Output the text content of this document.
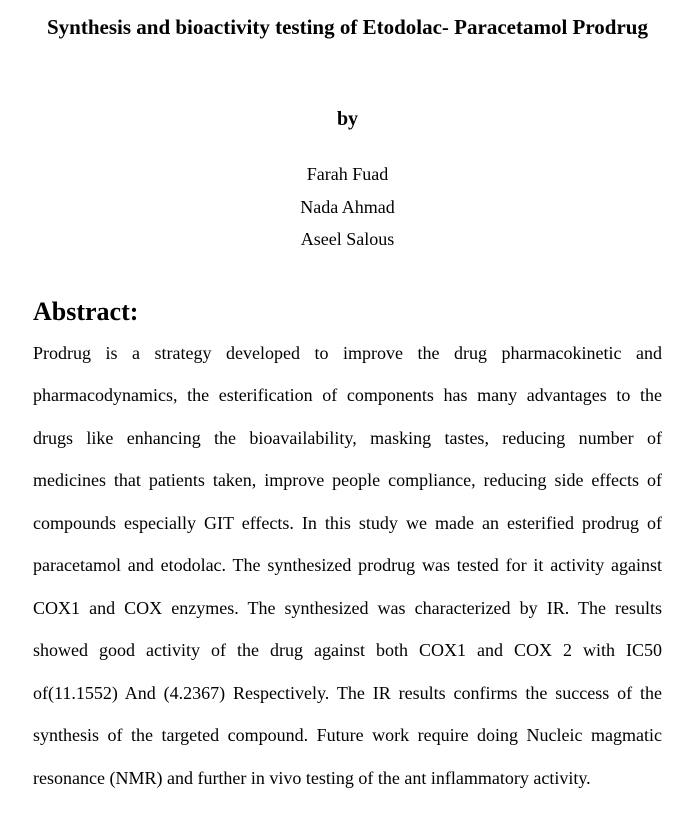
Synthesis and bioactivity testing of Etodolac- Paracetamol Prodrug
by
Farah Fuad
Nada Ahmad
Aseel Salous
Abstract:
Prodrug is a strategy developed to improve the drug pharmacokinetic and
pharmacodynamics, the esterification of components has many advantages to the
drugs like enhancing the bioavailability, masking tastes, reducing number of
medicines that patients taken, improve people compliance, reducing side effects of
compounds especially GIT effects. In this study we made an esterified prodrug of
paracetamol and etodolac. The synthesized prodrug was tested for it activity against
COX1 and COX enzymes. The synthesized was characterized by IR. The results
showed good activity of the drug against both COX1 and COX 2 with IC50
of(11.1552) And (4.2367) Respectively. The IR results confirms the success of the
synthesis of the targeted compound. Future work require doing Nucleic magmatic
resonance (NMR) and further in vivo testing of the ant inflammatory activity.
